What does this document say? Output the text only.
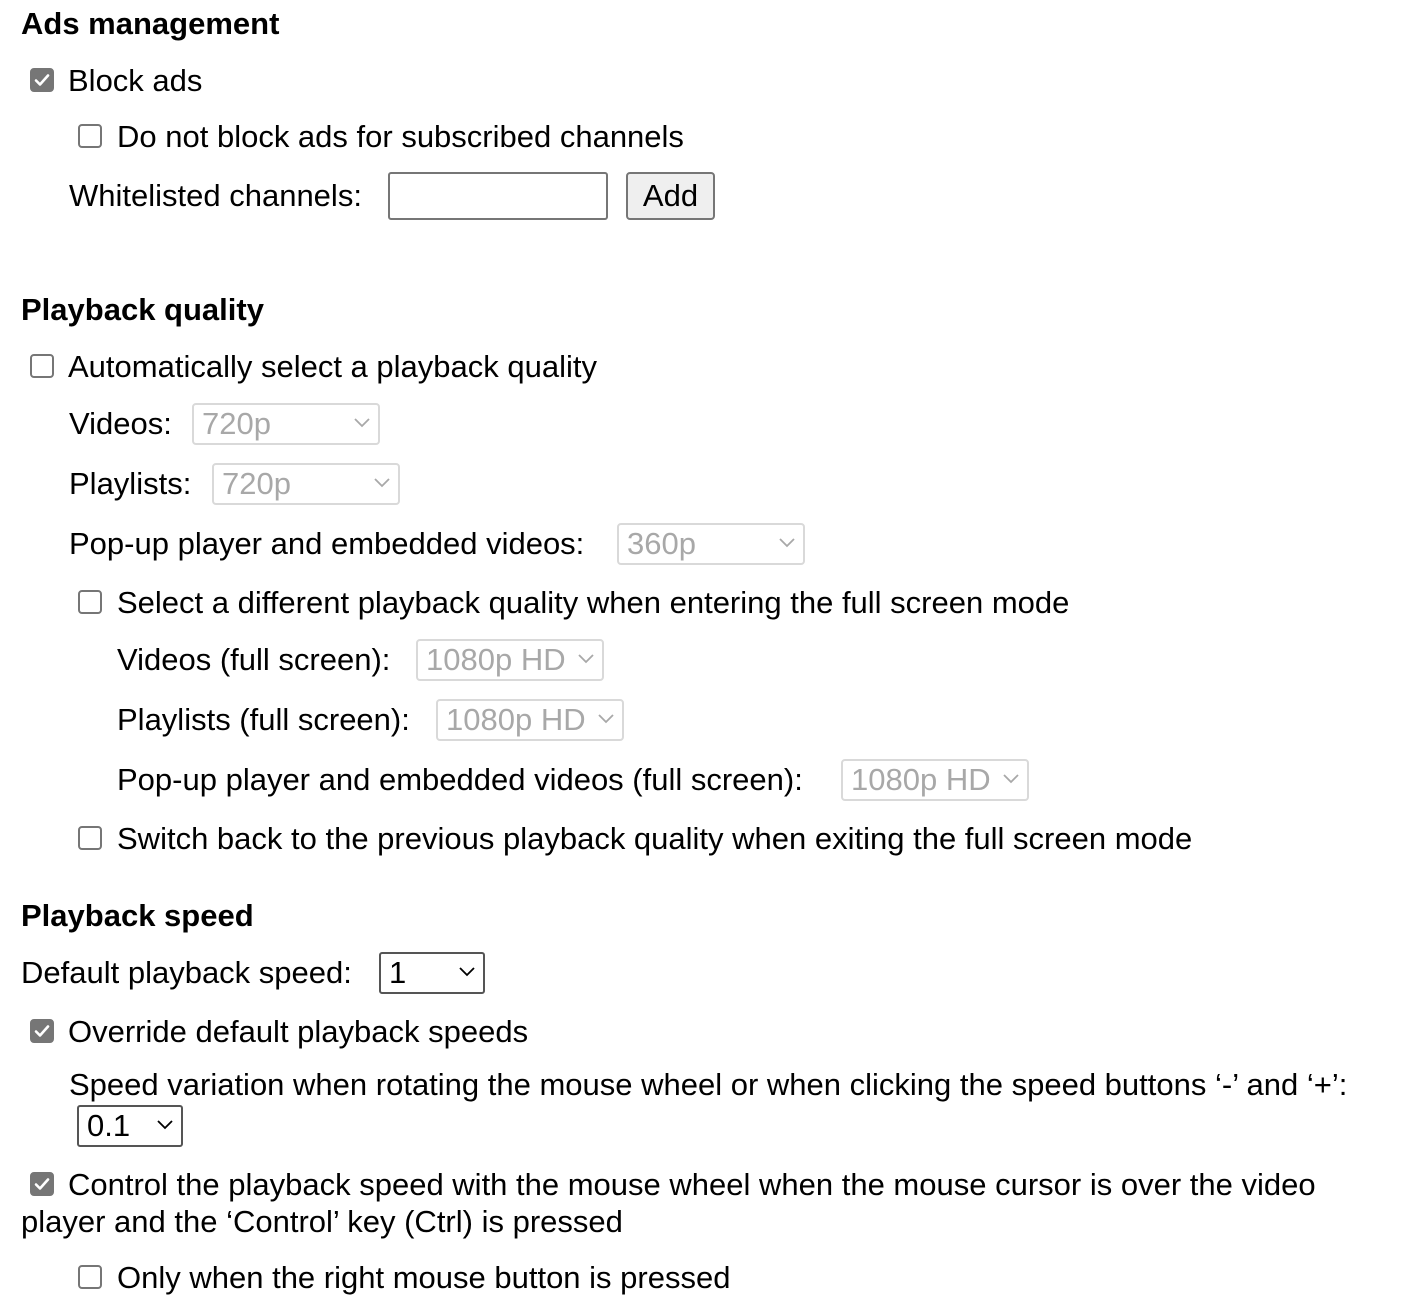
Ads management
Block ads
Do not block ads for subscribed channels
Whitelisted channels:	Add
Playback quality
Automatically select a playback quality
Videos: 720p
Playlists: 720p
Pop-up player and embedded videos: 360p
Select a different playback quality when entering the full screen mode
Videos (full screen): 1080p HD
Playlists (full screen): 1080p HD
Pop-up player and embedded videos (full screen): 1080p HD
Switch back to the previous playback quality when exiting the full screen mode
Playback speed
Default playback speed: 1
Override default playback speeds
Speed variation when rotating the mouse wheel or when clicking the speed buttons ‘-’ and ‘+’:
0.1
Control the playback speed with the mouse wheel when the mouse cursor is over the video
player and the ‘Control’ key (Ctrl) is pressed
Only when the right mouse button is pressed
